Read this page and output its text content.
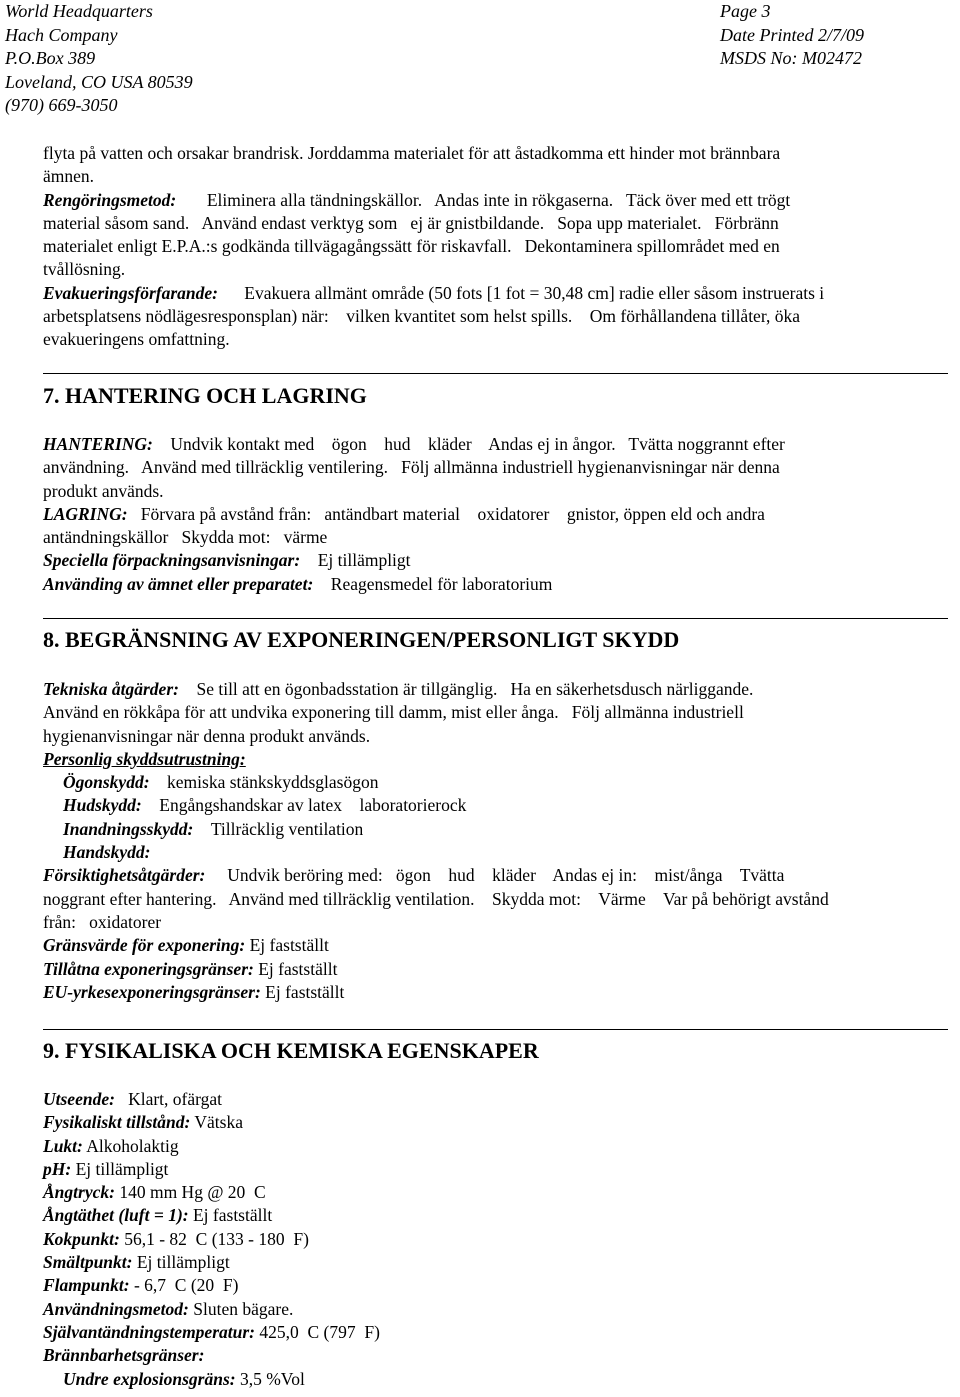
World Headquarters
Hach Company
P.O.Box 389
Loveland, CO USA 80539
(970) 669-3050
Page 3
Date Printed 2/7/09
MSDS No: M02472
flyta på vatten och orsakar brandrisk. Jorddamma materialet för att åstadkomma ett hinder mot brännbara
ämnen.
Rengöringsmetod: Eliminera alla tändningskällor.   Andas inte in rökgaserna.   Täck över med ett trögt
material såsom sand.   Använd endast verktyg som   ej är gnistbildande.   Sopa upp materialet.   Förbränn
materialet enligt E.P.A.:s godkända tillvägagångssätt för riskavfall.   Dekontaminera spillområdet med en
tvållösning.
Evakueringsförfarande: Evakuera allmänt område (50 fots [1 fot = 30,48 cm] radie eller såsom instruerats i
arbetsplatsens nödlägesresponsplan) när:    vilken kvantitet som helst spills.    Om förhållandena tillåter, öka
evakueringens omfattning.
7. HANTERING OCH LAGRING
HANTERING: Undvik kontakt med    ögon    hud    kläder    Andas ej in ångor.   Tvätta noggrannt efter
användning.   Använd med tillräcklig ventilering.   Följ allmänna industriell hygienanvisningar när denna
produkt används.
LAGRING: Förvara på avstånd från:   antändbart material    oxidatorer    gnistor, öppen eld och andra
antändningskällor   Skydda mot:   värme
Speciella förpackningsanvisningar: Ej tillämpligt
Använding av ämnet eller preparatet: Reagensmedel för laboratorium
8. BEGRÄNSNING AV EXPONERINGEN/PERSONLIGT SKYDD
Tekniska åtgärder: Se till att en ögonbadsstation är tillgänglig.   Ha en säkerhetsdusch närliggande.
Använd en rökkåpa för att undvika exponering till damm, mist eller ånga.   Följ allmänna industriell
hygienanvisningar när denna produkt används.
Personlig skyddsutrustning:
Ögonskydd: kemiska stänkskyddsglasögon
Hudskydd: Engångshandskar av latex    laboratorierock
Inandningsskydd: Tillräcklig ventilation
Handskydd:
Försiktighetsåtgärder: Undvik beröring med:   ögon    hud    kläder    Andas ej in:    mist/ånga    Tvätta
noggrant efter hantering.   Använd med tillräcklig ventilation.    Skydda mot:    Värme    Var på behörigt avstånd
från:   oxidatorer
Gränsvärde för exponering: Ej fastställt
Tillåtna exponeringsgränser: Ej fastställt
EU-yrkesexponeringsgränser: Ej fastställt
9. FYSIKALISKA OCH KEMISKA EGENSKAPER
Utseende:   Klart, ofärgat
Fysikaliskt tillstånd: Vätska
Lukt: Alkoholaktig
pH: Ej tillämpligt
Ångtryck: 140 mm Hg @ 20  C
Ångtäthet (luft = 1): Ej fastställt
Kokpunkt: 56,1 - 82  C (133 - 180  F)
Smältpunkt: Ej tillämpligt
Flampunkt: - 6,7  C (20  F)
Användningsmetod: Sluten bägare.
Självantändningstemperatur: 425,0  C (797  F)
Brännbarhetsgränser:
Undre explosionsgräns: 3,5 %Vol
